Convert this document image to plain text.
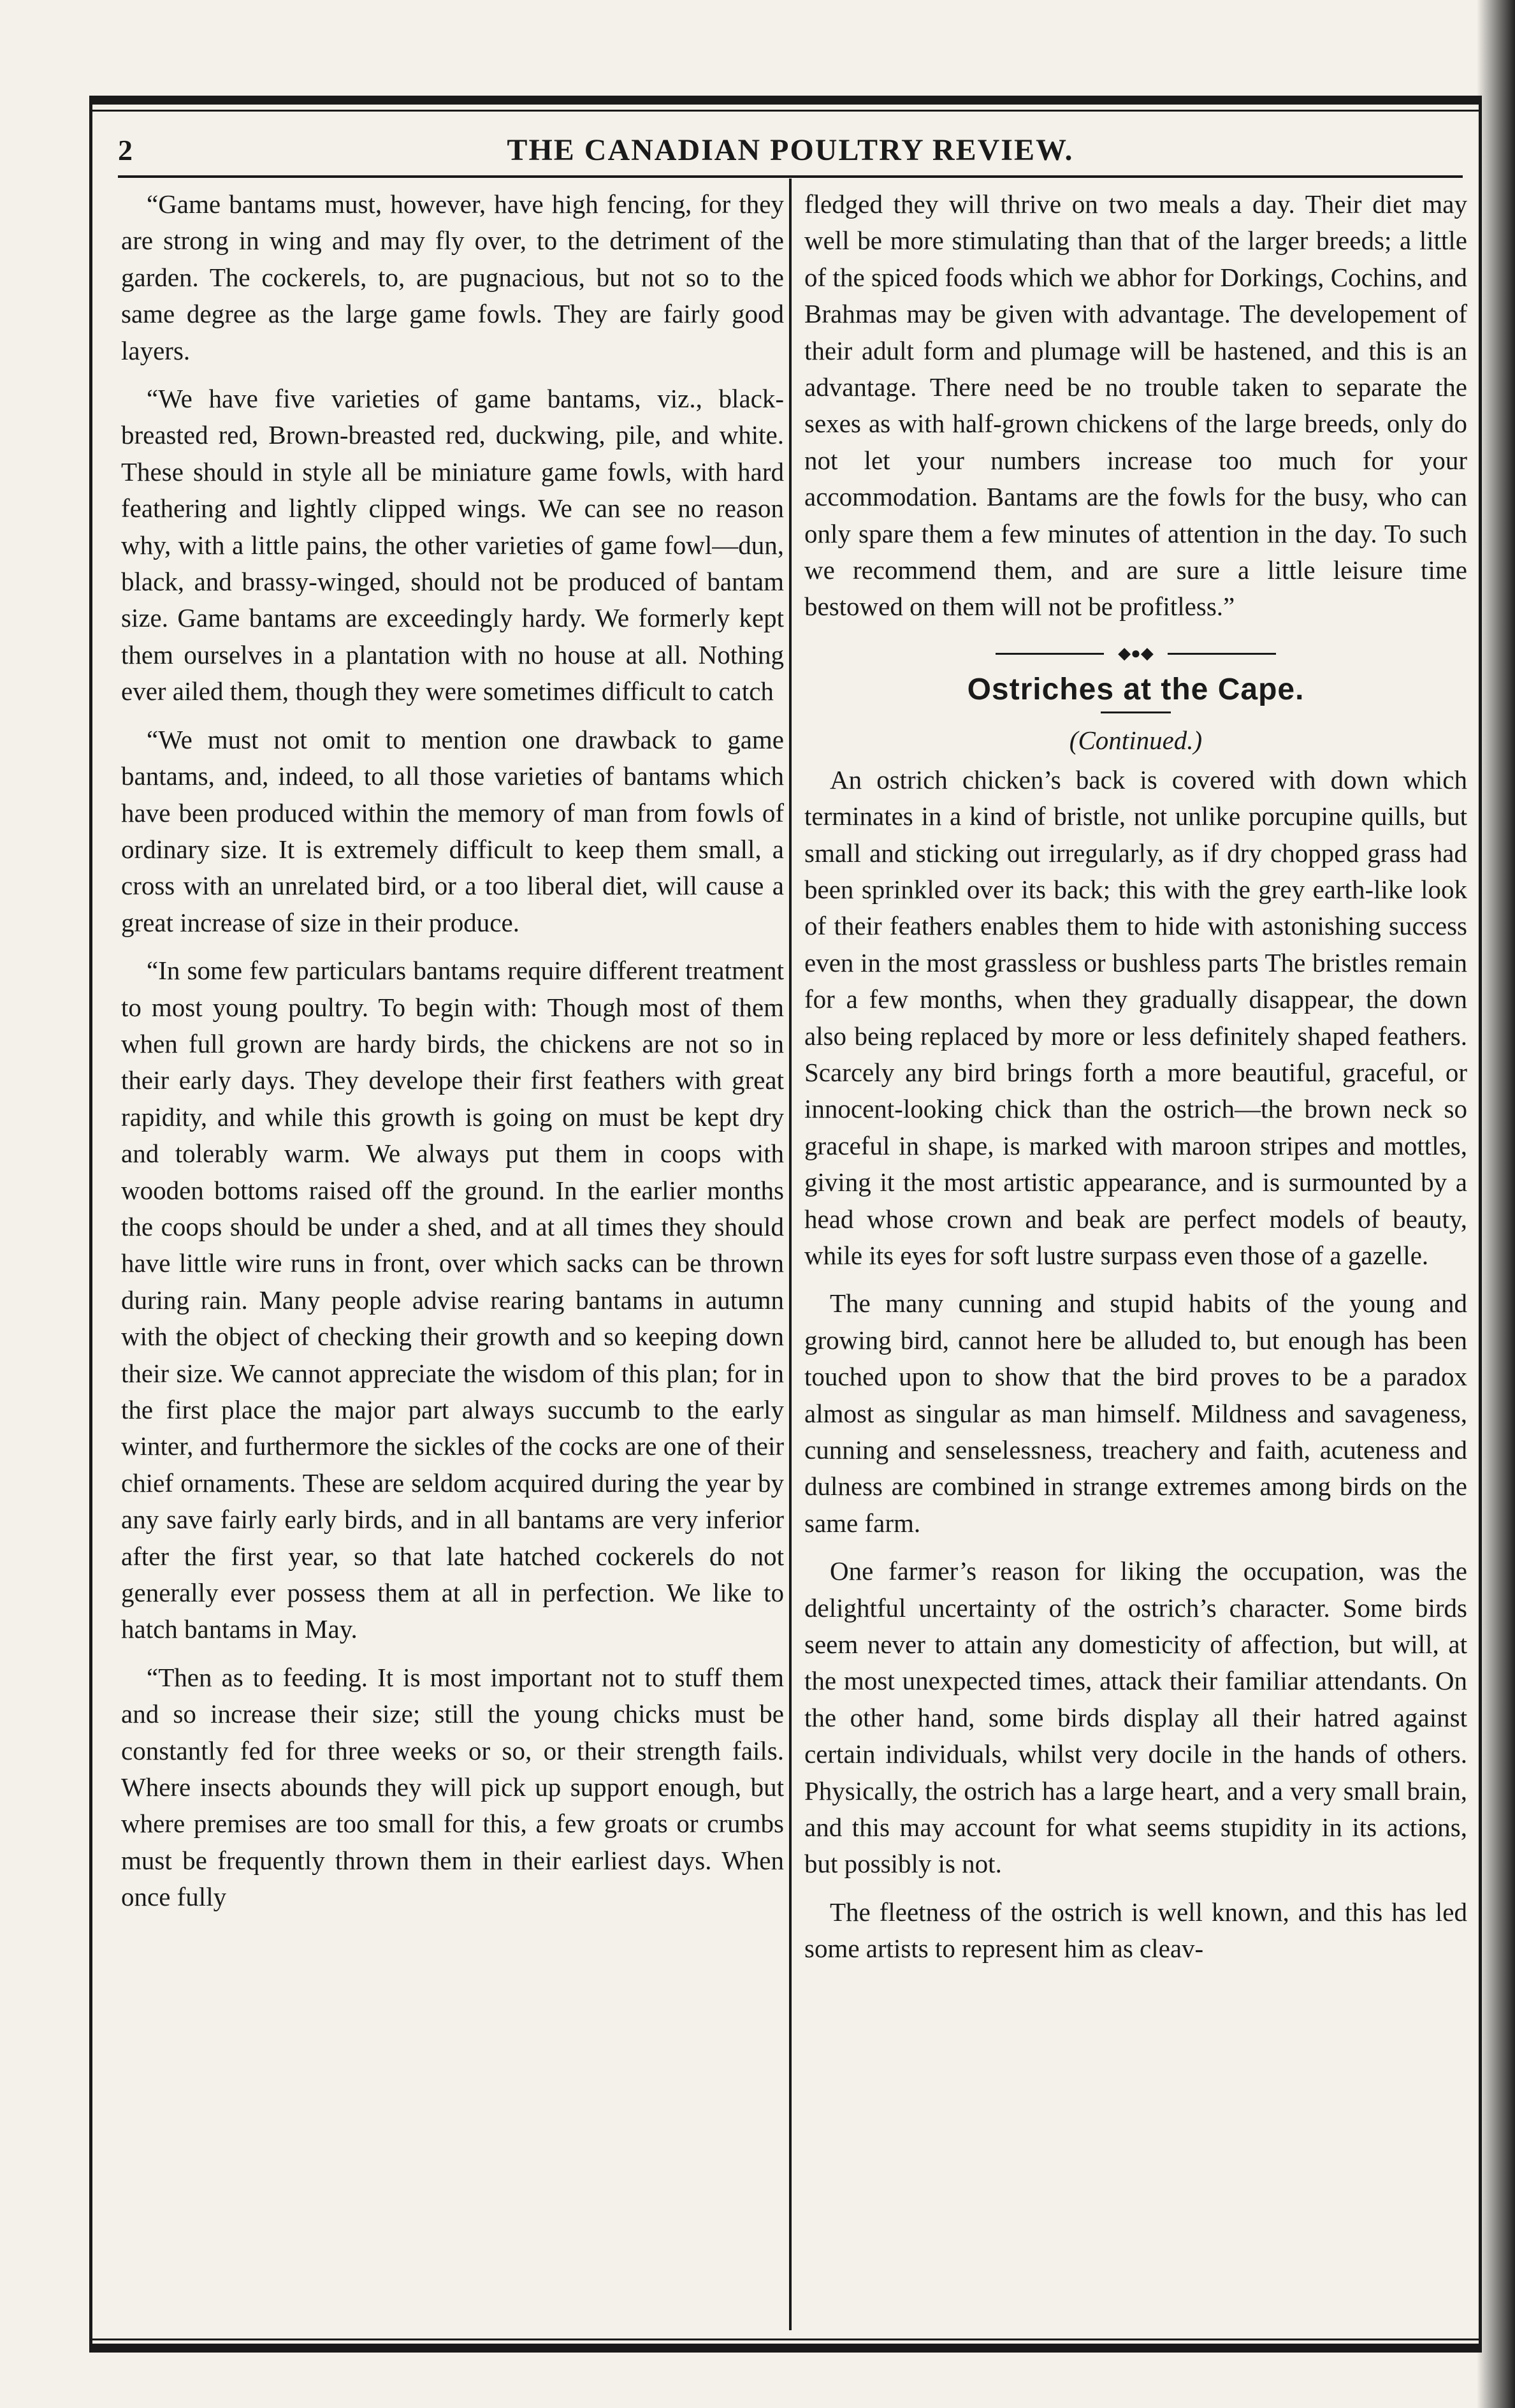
2	THE CANADIAN POULTRY REVIEW.

“Game bantams must, however, have high fencing, for they are strong in wing and may fly over, to the detriment of the garden. The cockerels, to, are pugnacious, but not so to the same degree as the large game fowls. They are fairly good layers.

“We have five varieties of game bantams, viz., black-breasted red, Brown-breasted red, duckwing, pile, and white. These should in style all be miniature game fowls, with hard feathering and lightly clipped wings. We can see no reason why, with a little pains, the other varieties of game fowl—dun, black, and brassy-winged, should not be produced of bantam size. Game bantams are exceedingly hardy. We formerly kept them ourselves in a plantation with no house at all. Nothing ever ailed them, though they were sometimes difficult to catch

“We must not omit to mention one drawback to game bantams, and, indeed, to all those varieties of bantams which have been produced within the memory of man from fowls of ordinary size. It is extremely difficult to keep them small, a cross with an unrelated bird, or a too liberal diet, will cause a great increase of size in their produce.

“In some few particulars bantams require different treatment to most young poultry. To begin with: Though most of them when full grown are hardy birds, the chickens are not so in their early days. They develope their first feathers with great rapidity, and while this growth is going on must be kept dry and tolerably warm. We always put them in coops with wooden bottoms raised off the ground. In the earlier months the coops should be under a shed, and at all times they should have little wire runs in front, over which sacks can be thrown during rain. Many people advise rearing bantams in autumn with the object of checking their growth and so keeping down their size. We cannot appreciate the wisdom of this plan; for in the first place the major part always succumb to the early winter, and furthermore the sickles of the cocks are one of their chief ornaments. These are seldom acquired during the year by any save fairly early birds, and in all bantams are very inferior after the first year, so that late hatched cockerels do not generally ever possess them at all in perfection. We like to hatch bantams in May.

“Then as to feeding. It is most important not to stuff them and so increase their size; still the young chicks must be constantly fed for three weeks or so, or their strength fails. Where insects abounds they will pick up support enough, but where premises are too small for this, a few groats or crumbs must be frequently thrown them in their earliest days. When once fully

fledged they will thrive on two meals a day. Their diet may well be more stimulating than that of the larger breeds; a little of the spiced foods which we abhor for Dorkings, Cochins, and Brahmas may be given with advantage. The developement of their adult form and plumage will be hastened, and this is an advantage. There need be no trouble taken to separate the sexes as with half-grown chickens of the large breeds, only do not let your numbers increase too much for your accommodation. Bantams are the fowls for the busy, who can only spare them a few minutes of attention in the day. To such we recommend them, and are sure a little leisure time bestowed on them will not be profitless.”

◆●◆
Ostriches at the Cape.
(Continued.)

An ostrich chicken’s back is covered with down which terminates in a kind of bristle, not unlike porcupine quills, but small and sticking out irregularly, as if dry chopped grass had been sprinkled over its back; this with the grey earth-like look of their feathers enables them to hide with astonishing success even in the most grassless or bushless parts The bristles remain for a few months, when they gradually disappear, the down also being replaced by more or less definitely shaped feathers. Scarcely any bird brings forth a more beautiful, graceful, or innocent-looking chick than the ostrich—the brown neck so graceful in shape, is marked with maroon stripes and mottles, giving it the most artistic appearance, and is surmounted by a head whose crown and beak are perfect models of beauty, while its eyes for soft lustre surpass even those of a gazelle.

The many cunning and stupid habits of the young and growing bird, cannot here be alluded to, but enough has been touched upon to show that the bird proves to be a paradox almost as singular as man himself. Mildness and savageness, cunning and senselessness, treachery and faith, acuteness and dulness are combined in strange extremes among birds on the same farm.

One farmer’s reason for liking the occupation, was the delightful uncertainty of the ostrich’s character. Some birds seem never to attain any domesticity of affection, but will, at the most unexpected times, attack their familiar attendants. On the other hand, some birds display all their hatred against certain individuals, whilst very docile in the hands of others. Physically, the ostrich has a large heart, and a very small brain, and this may account for what seems stupidity in its actions, but possibly is not.

The fleetness of the ostrich is well known, and this has led some artists to represent him as cleav-
